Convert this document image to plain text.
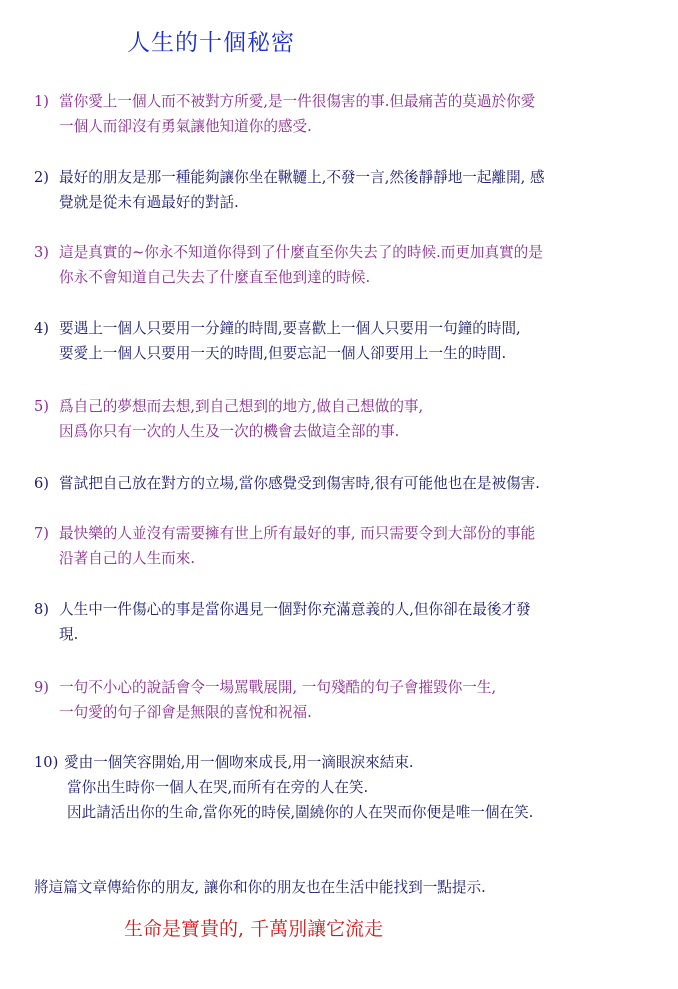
人生的十個秘密
1) 當你愛上一個人而不被對方所愛,是一件很傷害的事.但最痛苦的莫過於你愛
一個人而卻沒有勇氣讓他知道你的感受.
2) 最好的朋友是那一種能夠讓你坐在鞦韆上,不發一言,然後靜靜地一起離開, 感
覺就是從未有過最好的對話.
3) 這是真實的~你永不知道你得到了什麼直至你失去了的時候.而更加真實的是
你永不會知道自己失去了什麼直至他到達的時候.
4) 要遇上一個人只要用一分鐘的時間,要喜歡上一個人只要用一句鐘的時間,
要愛上一個人只要用一天的時間,但要忘記一個人卻要用上一生的時間.
5) 爲自己的夢想而去想,到自己想到的地方,做自己想做的事,
因爲你只有一次的人生及一次的機會去做這全部的事.
6) 嘗試把自己放在對方的立場,當你感覺受到傷害時,很有可能他也在是被傷害.
7) 最快樂的人並沒有需要擁有世上所有最好的事, 而只需要令到大部份的事能
沿著自己的人生而來.
8) 人生中一件傷心的事是當你遇見一個對你充滿意義的人,但你卻在最後才發
現.
9) 一句不小心的說話會令一場罵戰展開, 一句殘酷的句子會摧毀你一生,
一句愛的句子卻會是無限的喜悅和祝福.
10) 愛由一個笑容開始,用一個吻來成長,用一滴眼淚來結束.
當你出生時你一個人在哭,而所有在旁的人在笑.
因此請活出你的生命,當你死的時侯,圍繞你的人在哭而你便是唯一個在笑.
將這篇文章傳給你的朋友, 讓你和你的朋友也在生活中能找到一點提示.
生命是寶貴的, 千萬別讓它流走
